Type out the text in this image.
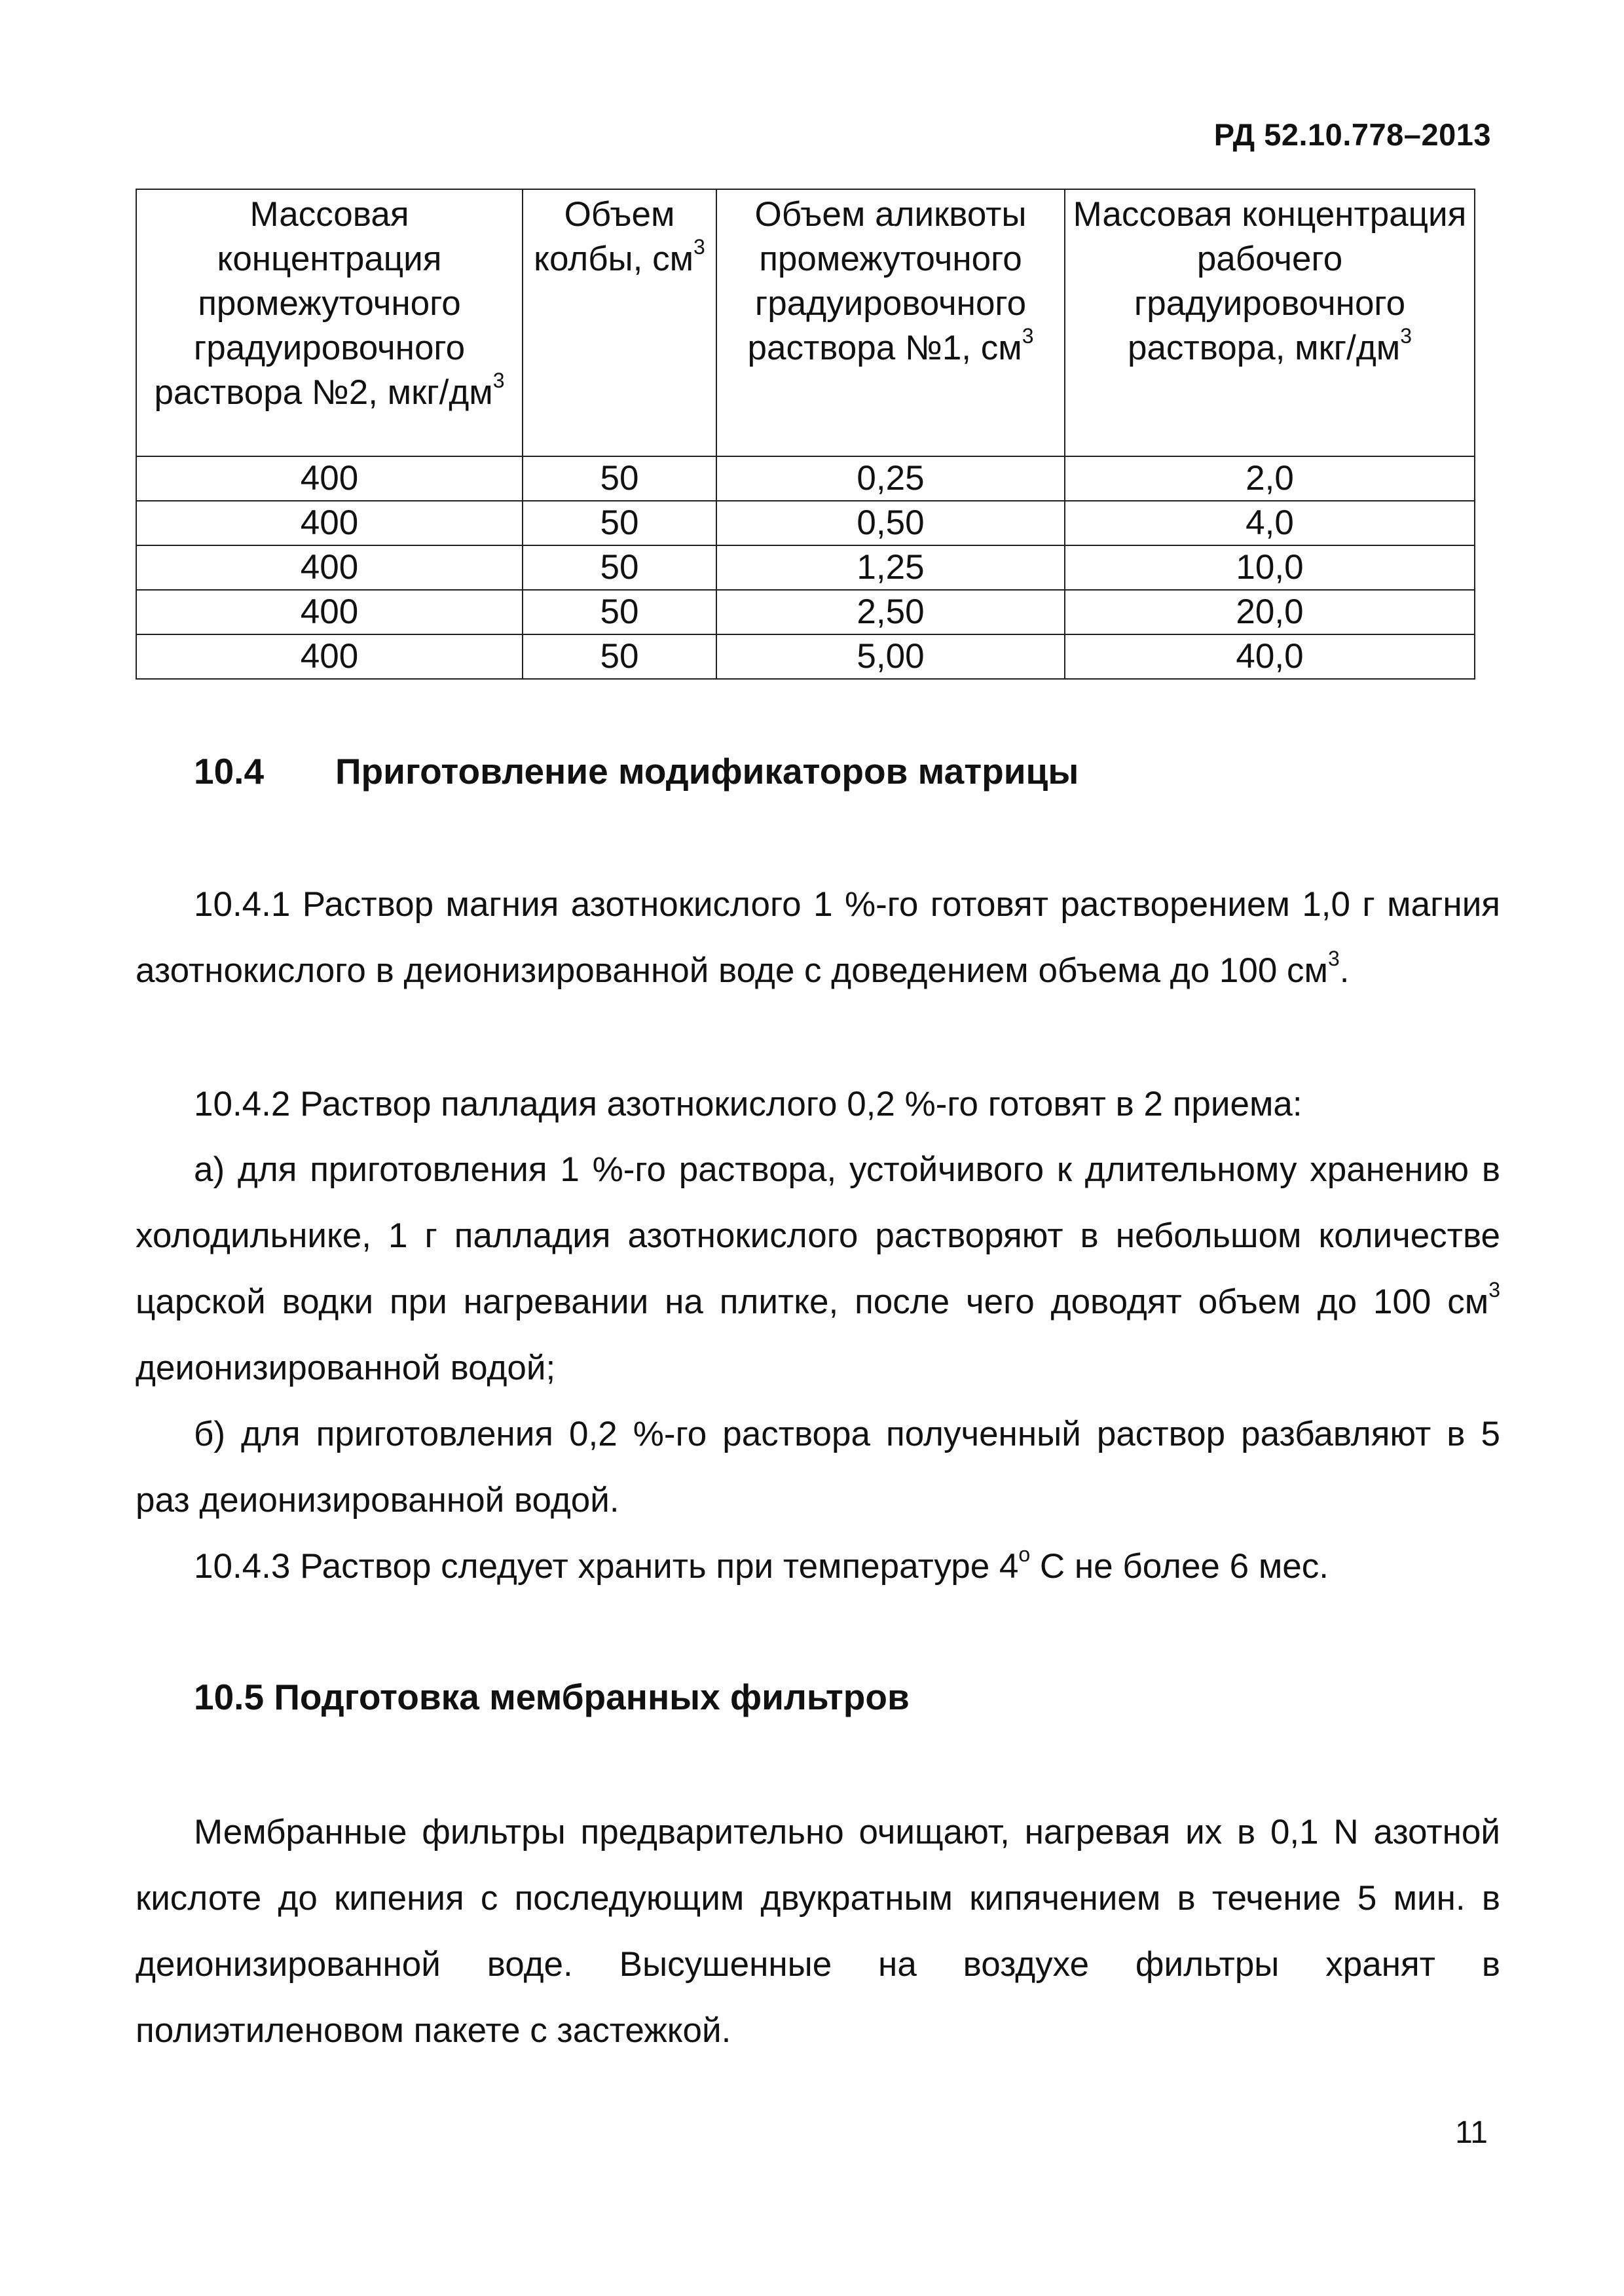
РД 52.10.778–2013
Массовая концентрация промежуточного градуировочного раствора №2, мкг/$дм^3$	Объем колбы, $см^3$	Объем аликвоты промежуточного градуировочного раствора №1, $см^3$	Массовая концентрация рабочего градуировочного раствора, мкг/$дм^3$
400	50	0,25	2,0
400	50	0,50	4,0
400	50	1,25	10,0
400	50	2,50	20,0
400	50	5,00	40,0
10.4 Приготовление модификаторов матрицы

10.4.1 Раствор магния азотнокислого 1 %-го готовят растворением 1,0 г магния азотнокислого в деионизированной воде с доведением объема до 100 $см^3$.

10.4.2 Раствор палладия азотнокислого 0,2 %-го готовят в 2 приема:

а) для приготовления 1 %-го раствора, устойчивого к длительному хранению в холодильнике, 1 г палладия азотнокислого растворяют в небольшом количестве царской водки при нагревании на плитке, после чего доводят объем до 100 $см^3$ деионизированной водой;

б) для приготовления 0,2 %-го раствора полученный раствор разбавляют в 5 раз деионизированной водой.

10.4.3 Раствор следует хранить при температуре 4$^o$ С не более 6 мес.

10.5 Подготовка мембранных фильтров

Мембранные фильтры предварительно очищают, нагревая их в 0,1 N азотной кислоте до кипения с последующим двукратным кипячением в течение 5 мин. в деионизированной воде. Высушенные на воздухе фильтры хранят в полиэтиленовом пакете с застежкой.

11
